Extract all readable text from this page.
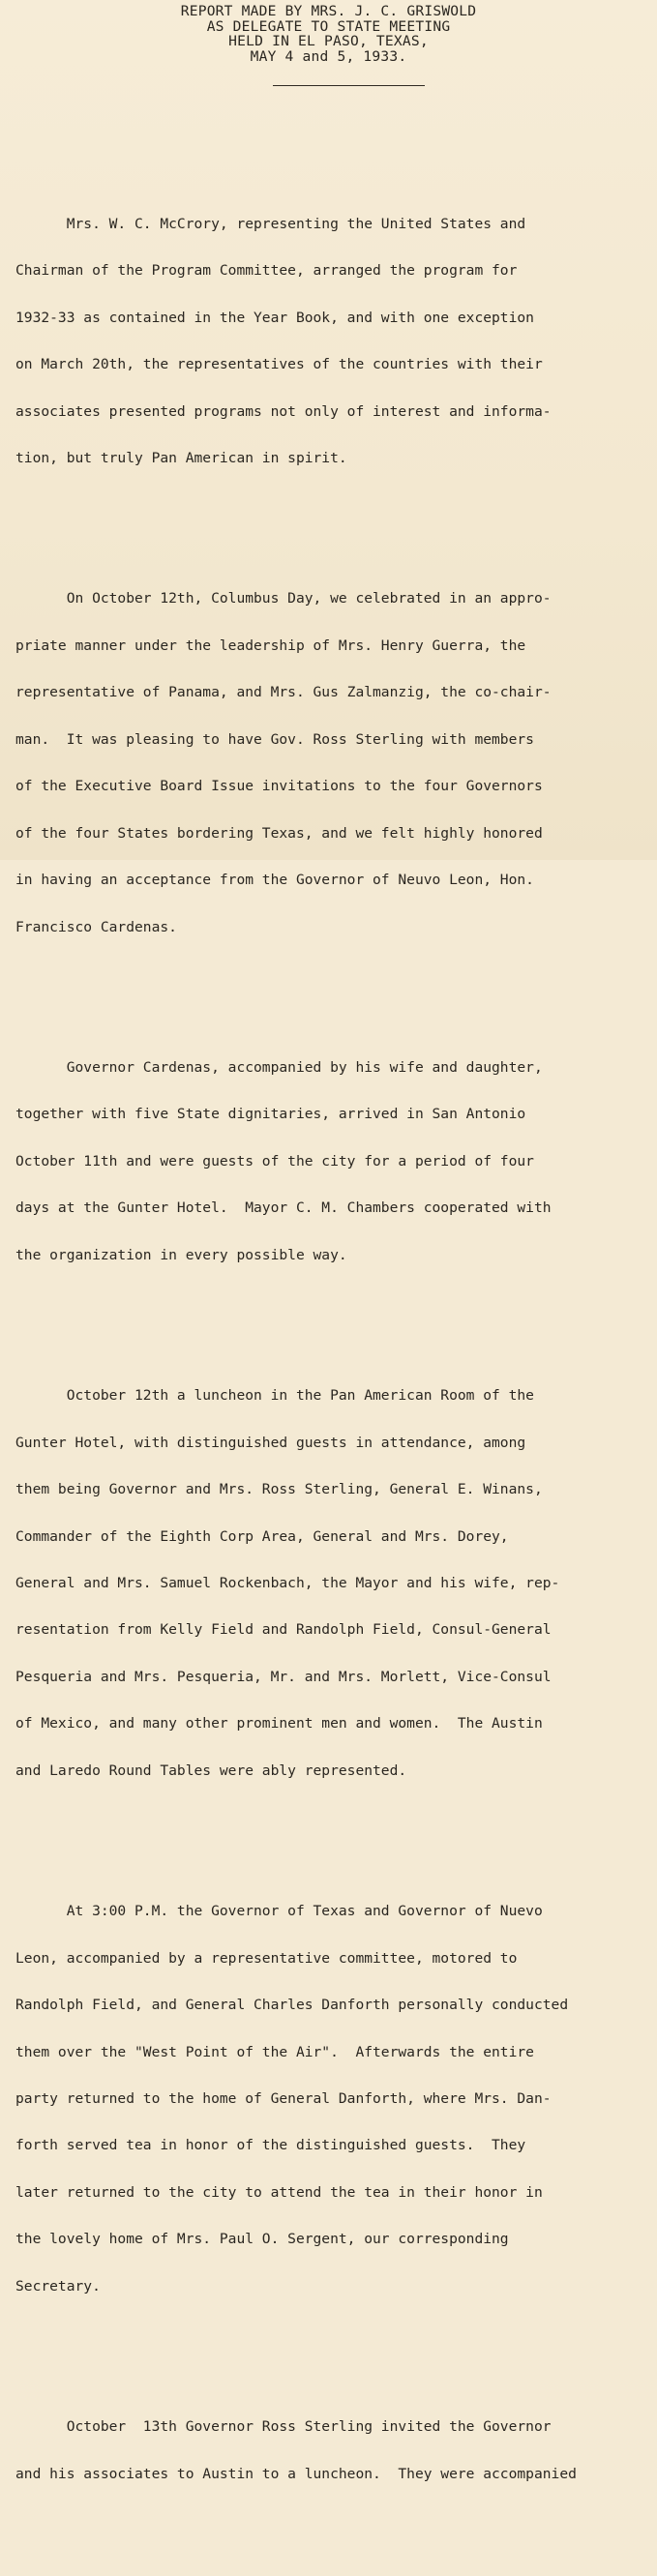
REPORT MADE BY MRS. J. C. GRISWOLD
AS DELEGATE TO STATE MEETING
HELD IN EL PASO, TEXAS,
MAY 4 and 5, 1933.

Mrs. W. C. McCrory, representing the United States and

Chairman of the Program Committee, arranged the program for

1932-33 as contained in the Year Book, and with one exception

on March 20th, the representatives of the countries with their

associates presented programs not only of interest and informa-

tion, but truly Pan American in spirit.

On October 12th, Columbus Day, we celebrated in an appro-

priate manner under the leadership of Mrs. Henry Guerra, the

representative of Panama, and Mrs. Gus Zalmanzig, the co-chair-

man.  It was pleasing to have Gov. Ross Sterling with members

of the Executive Board Issue invitations to the four Governors

of the four States bordering Texas, and we felt highly honored

in having an acceptance from the Governor of Neuvo Leon, Hon.

Francisco Cardenas.

Governor Cardenas, accompanied by his wife and daughter,

together with five State dignitaries, arrived in San Antonio

October 11th and were guests of the city for a period of four

days at the Gunter Hotel.  Mayor C. M. Chambers cooperated with

the organization in every possible way.

October 12th a luncheon in the Pan American Room of the

Gunter Hotel, with distinguished guests in attendance, among

them being Governor and Mrs. Ross Sterling, General E. Winans,

Commander of the Eighth Corp Area, General and Mrs. Dorey,

General and Mrs. Samuel Rockenbach, the Mayor and his wife, rep-

resentation from Kelly Field and Randolph Field, Consul-General

Pesqueria and Mrs. Pesqueria, Mr. and Mrs. Morlett, Vice-Consul

of Mexico, and many other prominent men and women.  The Austin

and Laredo Round Tables were ably represented.

At 3:00 P.M. the Governor of Texas and Governor of Nuevo

Leon, accompanied by a representative committee, motored to

Randolph Field, and General Charles Danforth personally conducted

them over the "West Point of the Air".  Afterwards the entire

party returned to the home of General Danforth, where Mrs. Dan-

forth served tea in honor of the distinguished guests.  They

later returned to the city to attend the tea in their honor in

the lovely home of Mrs. Paul O. Sergent, our corresponding

Secretary.

October  13th Governor Ross Sterling invited the Governor

and his associates to Austin to a luncheon.  They were accompanied
